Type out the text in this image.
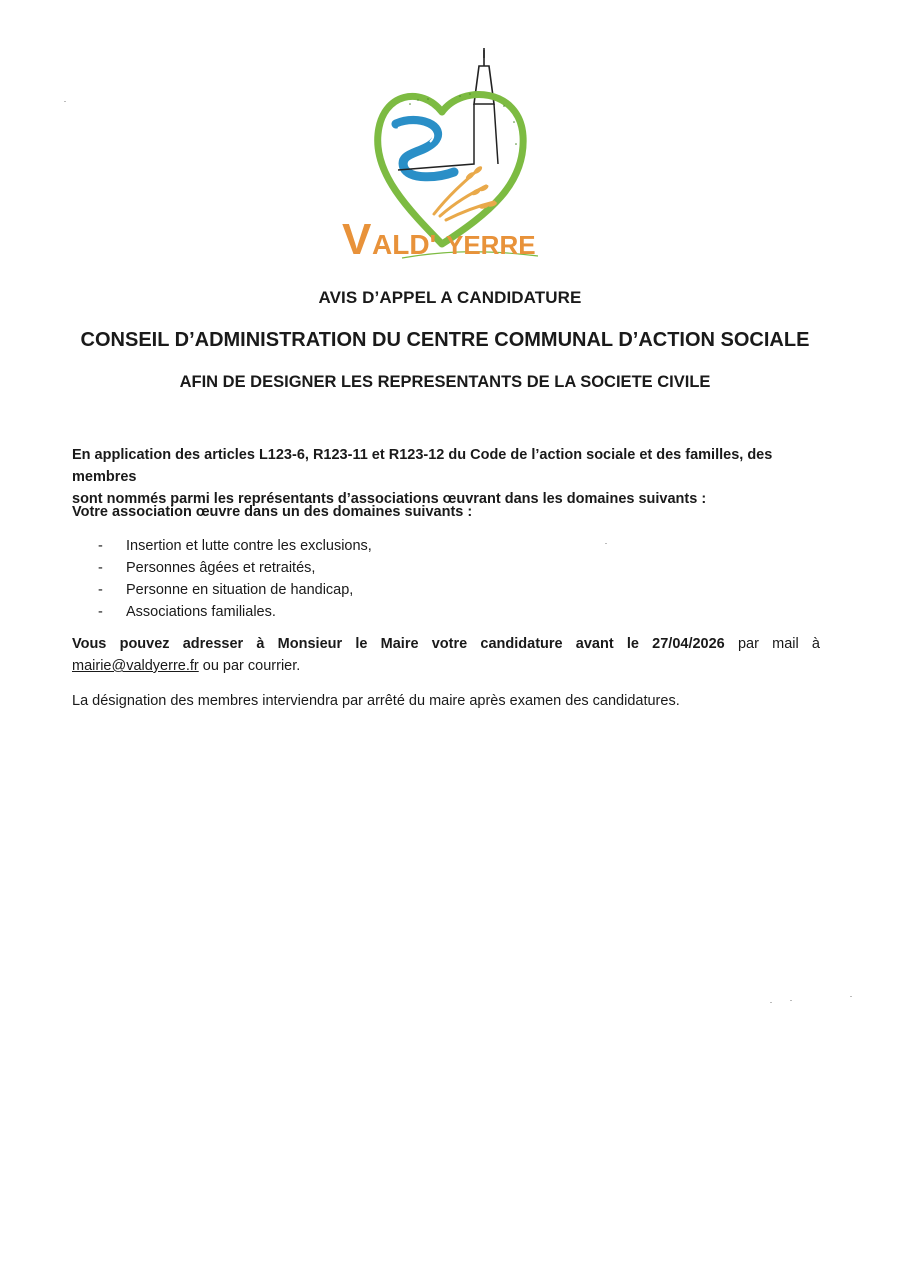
V ALD' YERRE
AVIS D’APPEL A CANDIDATURE
CONSEIL D’ADMINISTRATION DU CENTRE COMMUNAL D’ACTION SOCIALE
AFIN DE DESIGNER LES REPRESENTANTS DE LA SOCIETE CIVILE

En application des articles L123-6, R123-11 et R123-12 du Code de l’action sociale et des familles, des membres
sont nommés parmi les représentants d’associations œuvrant dans les domaines suivants :

Votre association œuvre dans un des domaines suivants :

- Insertion et lutte contre les exclusions,
- Personnes âgées et retraités,
- Personne en situation de handicap,
- Associations familiales.

Vous pouvez adresser à Monsieur le Maire votre candidature avant le 27/04/2026 par mail à mairie@valdyerre.fr ou par courrier.

La désignation des membres interviendra par arrêté du maire après examen des candidatures.
